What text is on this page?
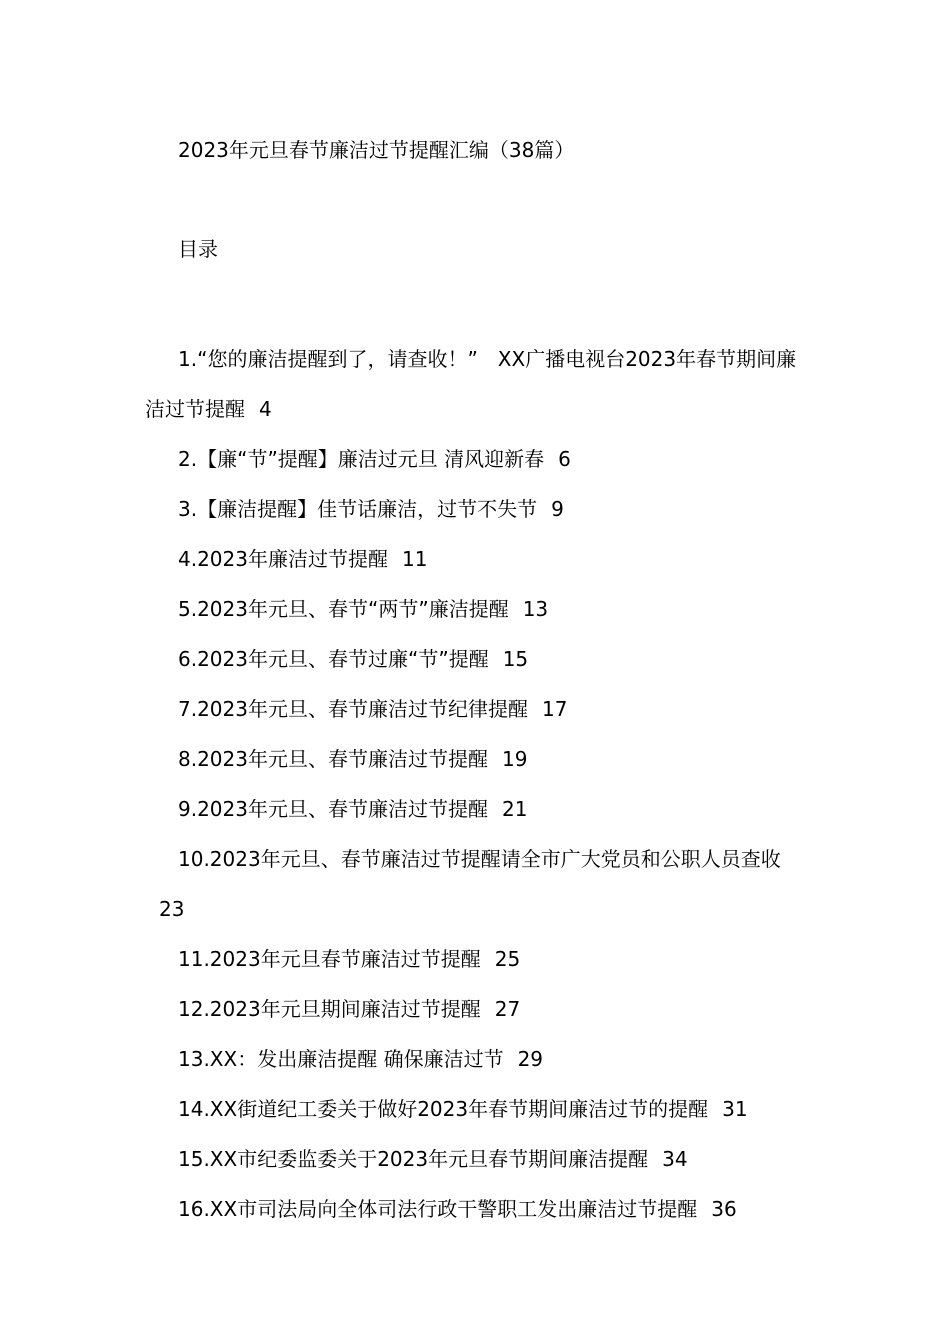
2023年元旦春节廉洁过节提醒汇编（38篇）
目录
1.“您的廉洁提醒到了，请查收！”　XX广播电视台2023年春节期间廉洁过节提醒 4
2.【廉“节”提醒】廉洁过元旦 清风迎新春 6
3.【廉洁提醒】佳节话廉洁，过节不失节 9
4.2023年廉洁过节提醒 11
5.2023年元旦、春节“两节”廉洁提醒 13
6.2023年元旦、春节过廉“节”提醒 15
7.2023年元旦、春节廉洁过节纪律提醒 17
8.2023年元旦、春节廉洁过节提醒 19
9.2023年元旦、春节廉洁过节提醒 21
10.2023年元旦、春节廉洁过节提醒请全市广大党员和公职人员查收23
11.2023年元旦春节廉洁过节提醒 25
12.2023年元旦期间廉洁过节提醒 27
13.XX：发出廉洁提醒 确保廉洁过节 29
14.XX街道纪工委关于做好2023年春节期间廉洁过节的提醒 31
15.XX市纪委监委关于2023年元旦春节期间廉洁提醒 34
16.XX市司法局向全体司法行政干警职工发出廉洁过节提醒 36
